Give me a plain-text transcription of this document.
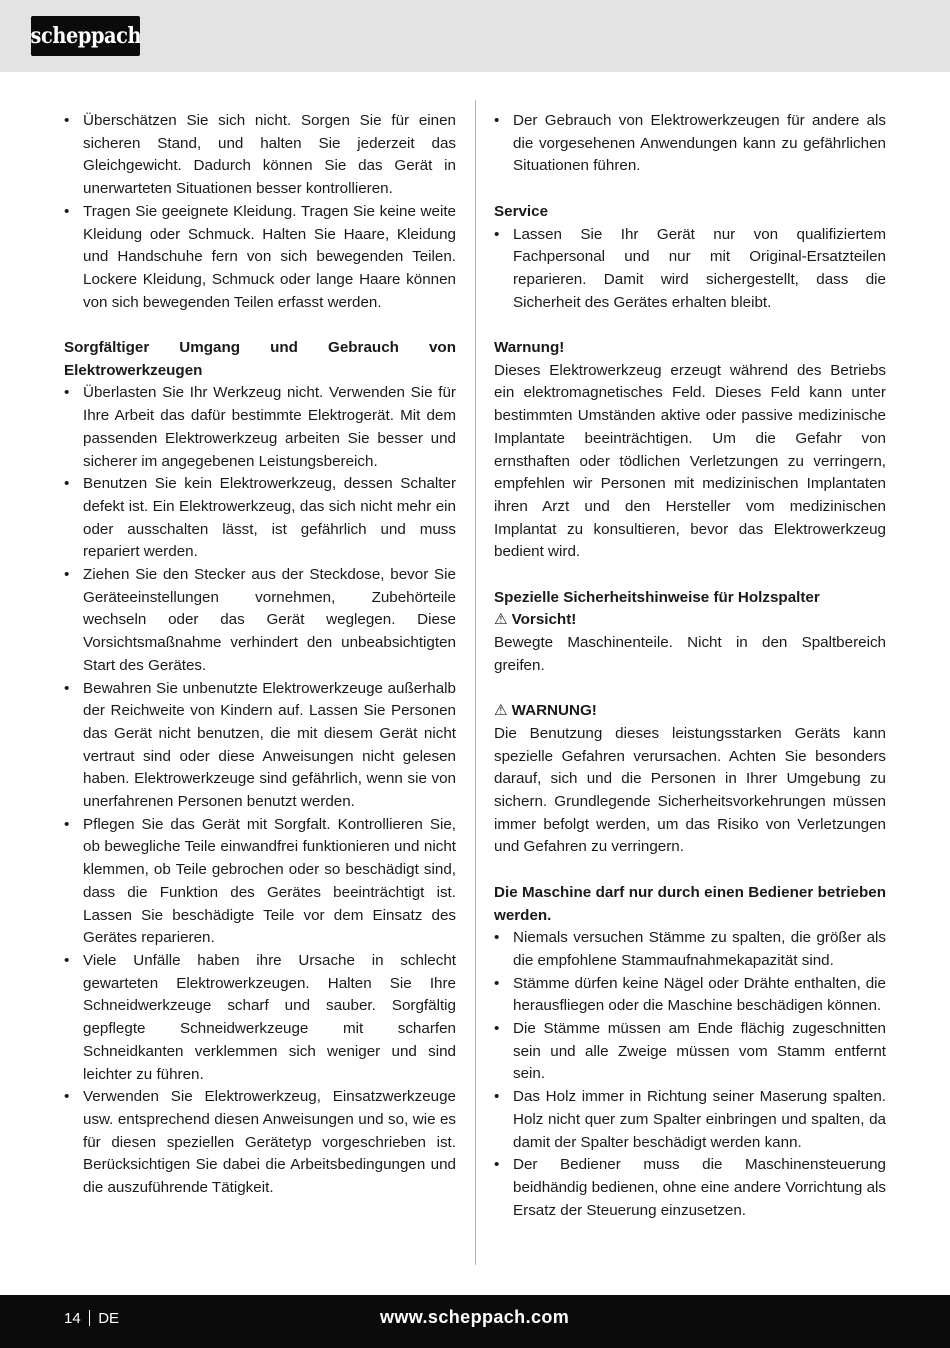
scheppach
• Überschätzen Sie sich nicht. Sorgen Sie für einen sicheren Stand, und halten Sie jederzeit das Gleichgewicht. Dadurch können Sie das Gerät in unerwarteten Situationen besser kontrollieren.
• Tragen Sie geeignete Kleidung. Tragen Sie keine weite Kleidung oder Schmuck. Halten Sie Haare, Kleidung und Handschuhe fern von sich bewegenden Teilen. Lockere Kleidung, Schmuck oder lange Haare können von sich bewegenden Teilen erfasst werden.
Sorgfältiger Umgang und Gebrauch von Elektrowerkzeugen
• Überlasten Sie Ihr Werkzeug nicht. Verwenden Sie für Ihre Arbeit das dafür bestimmte Elektrogerät. Mit dem passenden Elektrowerkzeug arbeiten Sie besser und sicherer im angegebenen Leistungsbereich.
• Benutzen Sie kein Elektrowerkzeug, dessen Schalter defekt ist. Ein Elektrowerkzeug, das sich nicht mehr ein oder ausschalten lässt, ist gefährlich und muss repariert werden.
• Ziehen Sie den Stecker aus der Steckdose, bevor Sie Geräteeinstellungen vornehmen, Zubehörteile wechseln oder das Gerät weglegen. Diese Vorsichtsmaßnahme verhindert den unbeabsichtigten Start des Gerätes.
• Bewahren Sie unbenutzte Elektrowerkzeuge außerhalb der Reichweite von Kindern auf. Lassen Sie Personen das Gerät nicht benutzen, die mit diesem Gerät nicht vertraut sind oder diese Anweisungen nicht gelesen haben. Elektrowerkzeuge sind gefährlich, wenn sie von unerfahrenen Personen benutzt werden.
• Pflegen Sie das Gerät mit Sorgfalt. Kontrollieren Sie, ob bewegliche Teile einwandfrei funktionieren und nicht klemmen, ob Teile gebrochen oder so beschädigt sind, dass die Funktion des Gerätes beeinträchtigt ist. Lassen Sie beschädigte Teile vor dem Einsatz des Gerätes reparieren.
• Viele Unfälle haben ihre Ursache in schlecht gewarteten Elektrowerkzeugen. Halten Sie Ihre Schneidwerkzeuge scharf und sauber. Sorgfältig gepflegte Schneidwerkzeuge mit scharfen Schneidkanten verklemmen sich weniger und sind leichter zu führen.
• Verwenden Sie Elektrowerkzeug, Einsatzwerkzeuge usw. entsprechend diesen Anweisungen und so, wie es für diesen speziellen Gerätetyp vorgeschrieben ist. Berücksichtigen Sie dabei die Arbeitsbedingungen und die auszuführende Tätigkeit.
• Der Gebrauch von Elektrowerkzeugen für andere als die vorgesehenen Anwendungen kann zu gefährlichen Situationen führen.
Service
• Lassen Sie Ihr Gerät nur von qualifiziertem Fachpersonal und nur mit Original-Ersatzteilen reparieren. Damit wird sichergestellt, dass die Sicherheit des Gerätes erhalten bleibt.
Warnung!
Dieses Elektrowerkzeug erzeugt während des Betriebs ein elektromagnetisches Feld. Dieses Feld kann unter bestimmten Umständen aktive oder passive medizinische Implantate beeinträchtigen. Um die Gefahr von ernsthaften oder tödlichen Verletzungen zu verringern, empfehlen wir Personen mit medizinischen Implantaten ihren Arzt und den Hersteller vom medizinischen Implantat zu konsultieren, bevor das Elektrowerkzeug bedient wird.
Spezielle Sicherheitshinweise für Holzspalter
⚠ Vorsicht!
Bewegte Maschinenteile. Nicht in den Spaltbereich greifen.
⚠ WARNUNG!
Die Benutzung dieses leistungsstarken Geräts kann spezielle Gefahren verursachen. Achten Sie besonders darauf, sich und die Personen in Ihrer Umgebung zu sichern. Grundlegende Sicherheitsvorkehrungen müssen immer befolgt werden, um das Risiko von Verletzungen und Gefahren zu verringern.
Die Maschine darf nur durch einen Bediener betrieben werden.
• Niemals versuchen Stämme zu spalten, die größer als die empfohlene Stammaufnahmekapazität sind.
• Stämme dürfen keine Nägel oder Drähte enthalten, die herausfliegen oder die Maschine beschädigen können.
• Die Stämme müssen am Ende flächig zugeschnitten sein und alle Zweige müssen vom Stamm entfernt sein.
• Das Holz immer in Richtung seiner Maserung spalten. Holz nicht quer zum Spalter einbringen und spalten, da damit der Spalter beschädigt werden kann.
• Der Bediener muss die Maschinensteuerung beidhändig bedienen, ohne eine andere Vorrichtung als Ersatz der Steuerung einzusetzen.
14 DE	www.scheppach.com
